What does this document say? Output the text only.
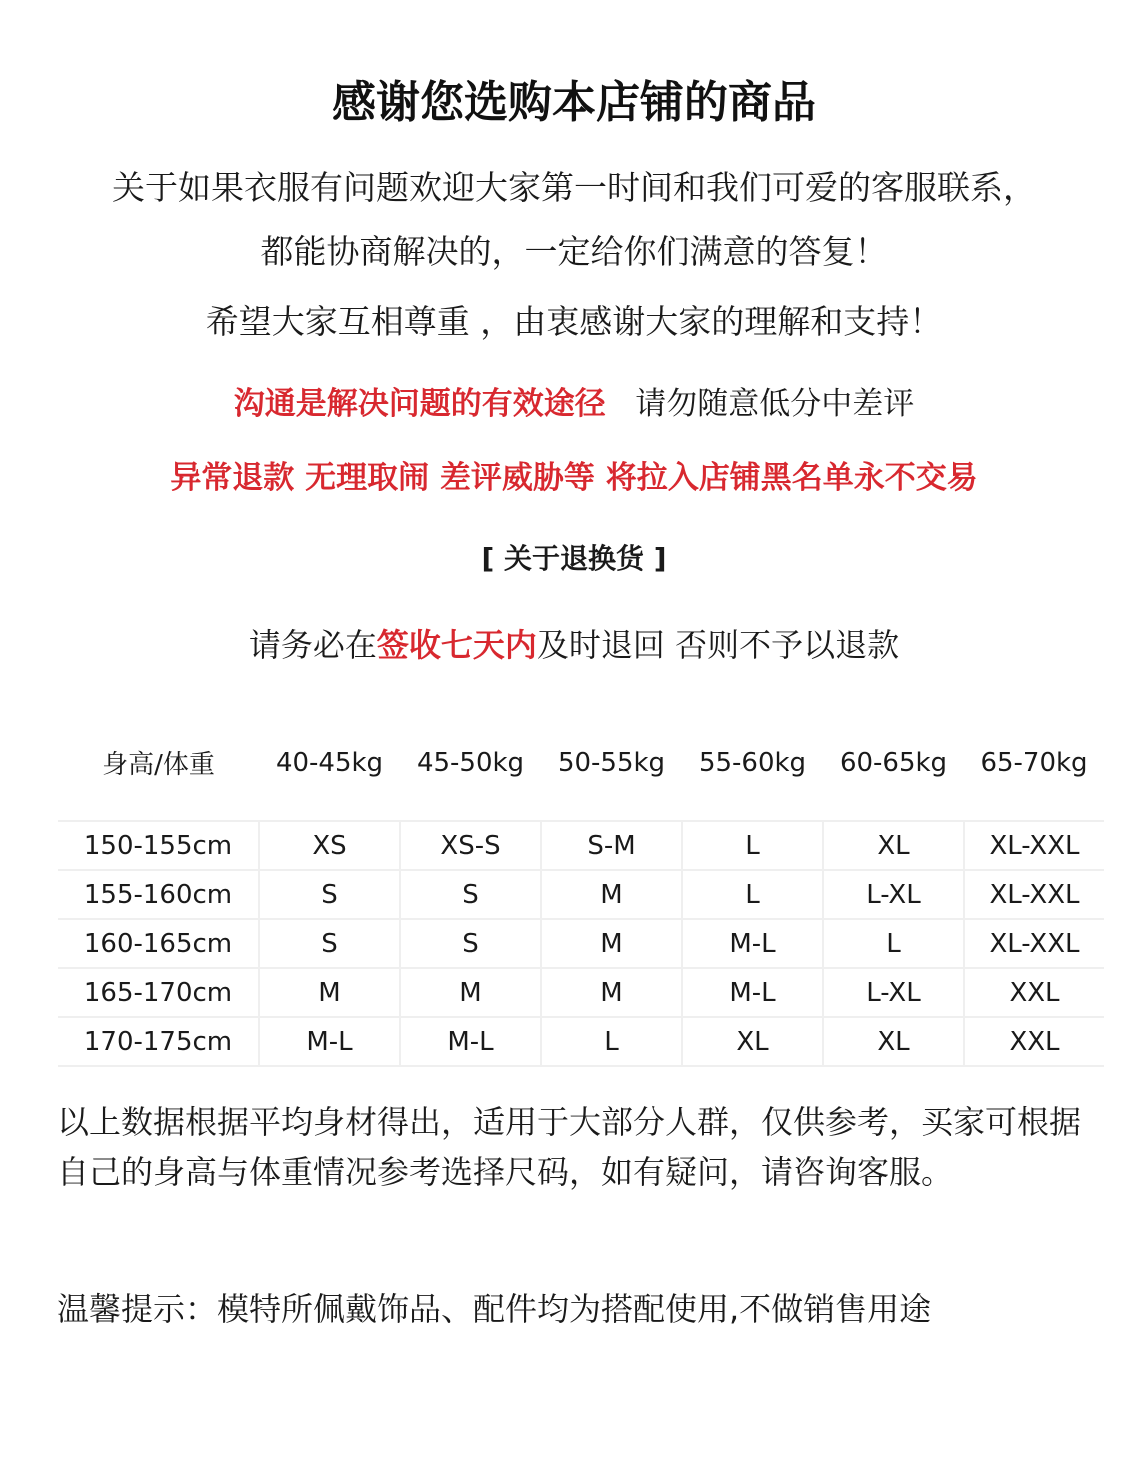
感谢您选购本店铺的商品
关于如果衣服有问题欢迎大家第一时间和我们可爱的客服联系，
都能协商解决的，一定给你们满意的答复！
希望大家互相尊重 ，由衷感谢大家的理解和支持！
沟通是解决问题的有效途径 请勿随意低分中差评
异常退款 无理取闹 差评威胁等 将拉入店铺黑名单永不交易
[ 关于退换货 ]
请务必在签收七天内及时退回 否则不予以退款
身高/体重	40-45kg	45-50kg	50-55kg	55-60kg	60-65kg	65-70kg

150-155cm	XS	XS-S	S-M	L	XL	XL-XXL
155-160cm	S	S	M	L	L-XL	XL-XXL
160-165cm	S	S	M	M-L	L	XL-XXL
165-170cm	M	M	M	M-L	L-XL	XXL
170-175cm	M-L	M-L	L	XL	XL	XXL
以上数据根据平均身材得出，适用于大部分人群，仅供参考，买家可根据自己的身高与体重情况参考选择尺码，如有疑问，请咨询客服。
温馨提示：模特所佩戴饰品、配件均为搭配使用,不做销售用途
